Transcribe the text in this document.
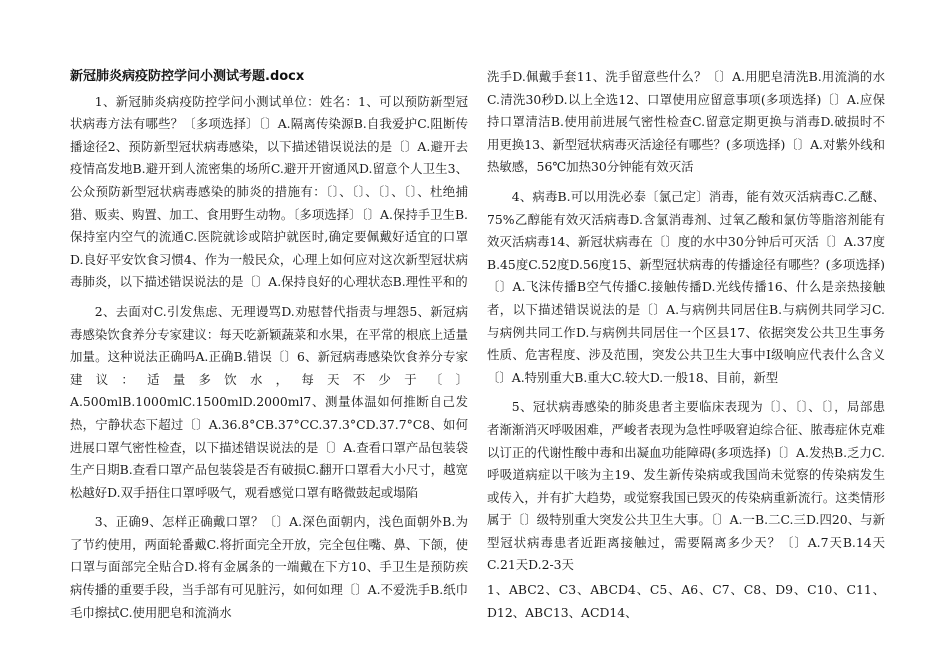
新冠肺炎病疫防控学问小测试考题.docx

1、新冠肺炎病疫防控学问小测试单位：姓名：1、可以预防新型冠状病毒方法有哪些？〔多项选择〕〔〕A.隔离传染源B.自我爱护C.阻断传播途径2、预防新型冠状病毒感染，以下描述错误说法的是〔〕A.避开去疫情高发地B.避开到人流密集的场所C.避开开窗通风D.留意个人卫生3、公众预防新型冠状病毒感染的肺炎的措施有：〔〕、〔〕、〔〕、〔〕、杜绝捕猎、贩卖、购置、加工、食用野生动物。〔多项选择〕〔〕A.保持手卫生B.保持室内空气的流通C.医院就诊或陪护就医时,确定要佩戴好适宜的口罩D.良好平安饮食习惯4、作为一般民众，心理上如何应对这次新型冠状病毒肺炎，以下描述错误说法的是〔〕A.保持良好的心理状态B.理性平和的

2、去面对C.引发焦虑、无理谩骂D.劝慰替代指责与埋怨5、新冠病毒感染饮食养分专家建议：每天吃新颖蔬菜和水果，在平常的根底上适量加量。这种说法正确吗A.正确B.错误〔〕6、新冠病毒感染饮食养分专家建议：适量多饮水，每天不少于〔〕A.500mlB.1000mlC.1500mlD.2000ml7、测量体温如何推断自己发热，宁静状态下超过〔〕A.36.8°CB.37°CC.37.3°CD.37.7°C8、如何进展口罩气密性检查，以下描述错误说法的是〔〕A.查看口罩产品包装袋生产日期B.查看口罩产品包装袋是否有破损C.翻开口罩看大小尺寸，越宽松越好D.双手捂住口罩呼吸气，观看感觉口罩有略微鼓起或塌陷

3、正确9、怎样正确戴口罩？〔〕A.深色面朝内，浅色面朝外B.为了节约使用，两面轮番戴C.将折面完全开放，完全包住嘴、鼻、下颌，使口罩与面部完全贴合D.将有金属条的一端戴在下方10、手卫生是预防疾病传播的重要手段，当手部有可见脏污，如何如理〔〕A.不爱洗手B.纸巾毛巾擦拭C.使用肥皂和流淌水

洗手D.佩戴手套11、洗手留意些什么？〔〕A.用肥皂清洗B.用流淌的水C.清洗30秒D.以上全选12、口罩使用应留意事项(多项选择)〔〕A.应保持口罩清洁B.使用前进展气密性检查C.留意定期更换与消毒D.破损时不用更换13、新型冠状病毒灭活途径有哪些？(多项选择)〔〕A.对紫外线和热敏感，56℃加热30分钟能有效灭活

4、病毒B.可以用洗必泰〔氯己定〕消毒，能有效灭活病毒C.乙醚、75%乙醇能有效灭活病毒D.含氯消毒剂、过氧乙酸和氯仿等脂溶剂能有效灭活病毒14、新冠状病毒在〔〕度的水中30分钟后可灭活〔〕A.37度B.45度C.52度D.56度15、新型冠状病毒的传播途径有哪些？(多项选择)〔〕A.飞沫传播B空气传播C.接触传播D.光线传播16、什么是亲热接触者，以下描述错误说法的是〔〕A.与病例共同居住B.与病例共同学习C.与病例共同工作D.与病例共同居住一个区县17、依据突发公共卫生事务性质、危害程度、涉及范围，突发公共卫生大事中Ⅰ级响应代表什么含义〔〕A.特别重大B.重大C.较大D.一般18、目前，新型

5、冠状病毒感染的肺炎患者主要临床表现为〔〕、〔〕、〔〕，局部患者渐渐消灭呼吸困难，严峻者表现为急性呼吸窘迫综合征、脓毒症休克难以订正的代谢性酸中毒和出凝血功能障碍(多项选择)〔〕A.发热B.乏力C.呼吸道病症以干咳为主19、发生新传染病或我国尚未觉察的传染病发生或传入，并有扩大趋势，或觉察我国已毁灭的传染病重新流行。这类情形属于〔〕级特别重大突发公共卫生大事。〔〕A.一B.二C.三D.四20、与新型冠状病毒患者近距离接触过，需要隔离多少天？〔〕A.7天B.14天C.21天D.2-3天

1、ABC2、C3、ABCD4、C5、A6、C7、C8、D9、C10、C11、D12、ABC13、ACD14、
